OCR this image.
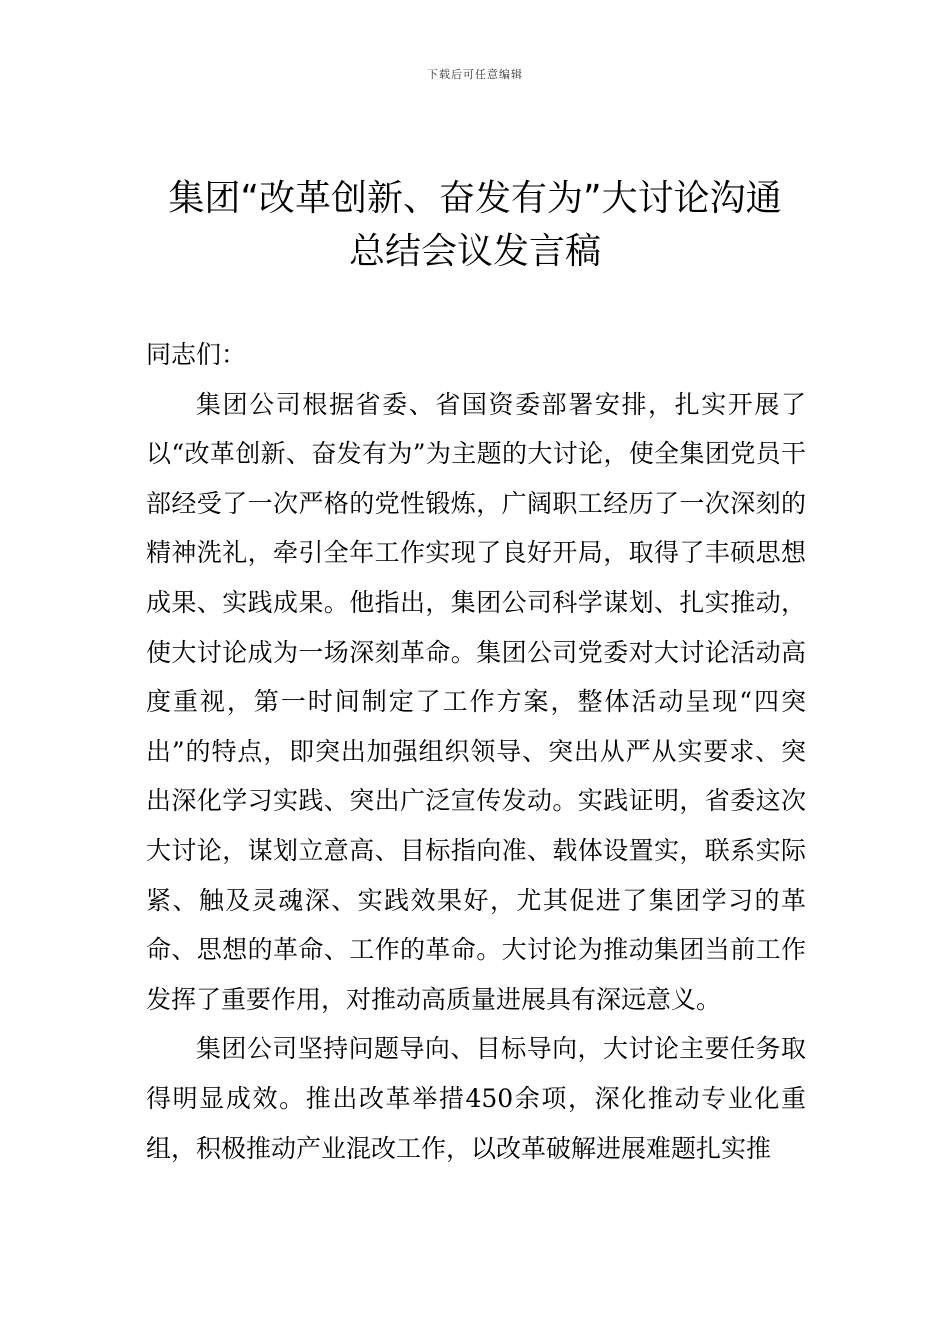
下载后可任意编辑
集团“改革创新、奋发有为”大讨论沟通
总结会议发言稿

同志们：

集团公司根据省委、省国资委部署安排，扎实开展了以“改革创新、奋发有为”为主题的大讨论，使全集团党员干部经受了一次严格的党性锻炼，广阔职工经历了一次深刻的精神洗礼，牵引全年工作实现了良好开局，取得了丰硕思想成果、实践成果。他指出，集团公司科学谋划、扎实推动，使大讨论成为一场深刻革命。集团公司党委对大讨论活动高度重视，第一时间制定了工作方案，整体活动呈现“四突出”的特点，即突出加强组织领导、突出从严从实要求、突出深化学习实践、突出广泛宣传发动。实践证明，省委这次大讨论，谋划立意高、目标指向准、载体设置实，联系实际紧、触及灵魂深、实践效果好，尤其促进了集团学习的革命、思想的革命、工作的革命。大讨论为推动集团当前工作发挥了重要作用，对推动高质量进展具有深远意义。

集团公司坚持问题导向、目标导向，大讨论主要任务取得明显成效。推出改革举措450余项，深化推动专业化重组，积极推动产业混改工作，以改革破解进展难题扎实推
